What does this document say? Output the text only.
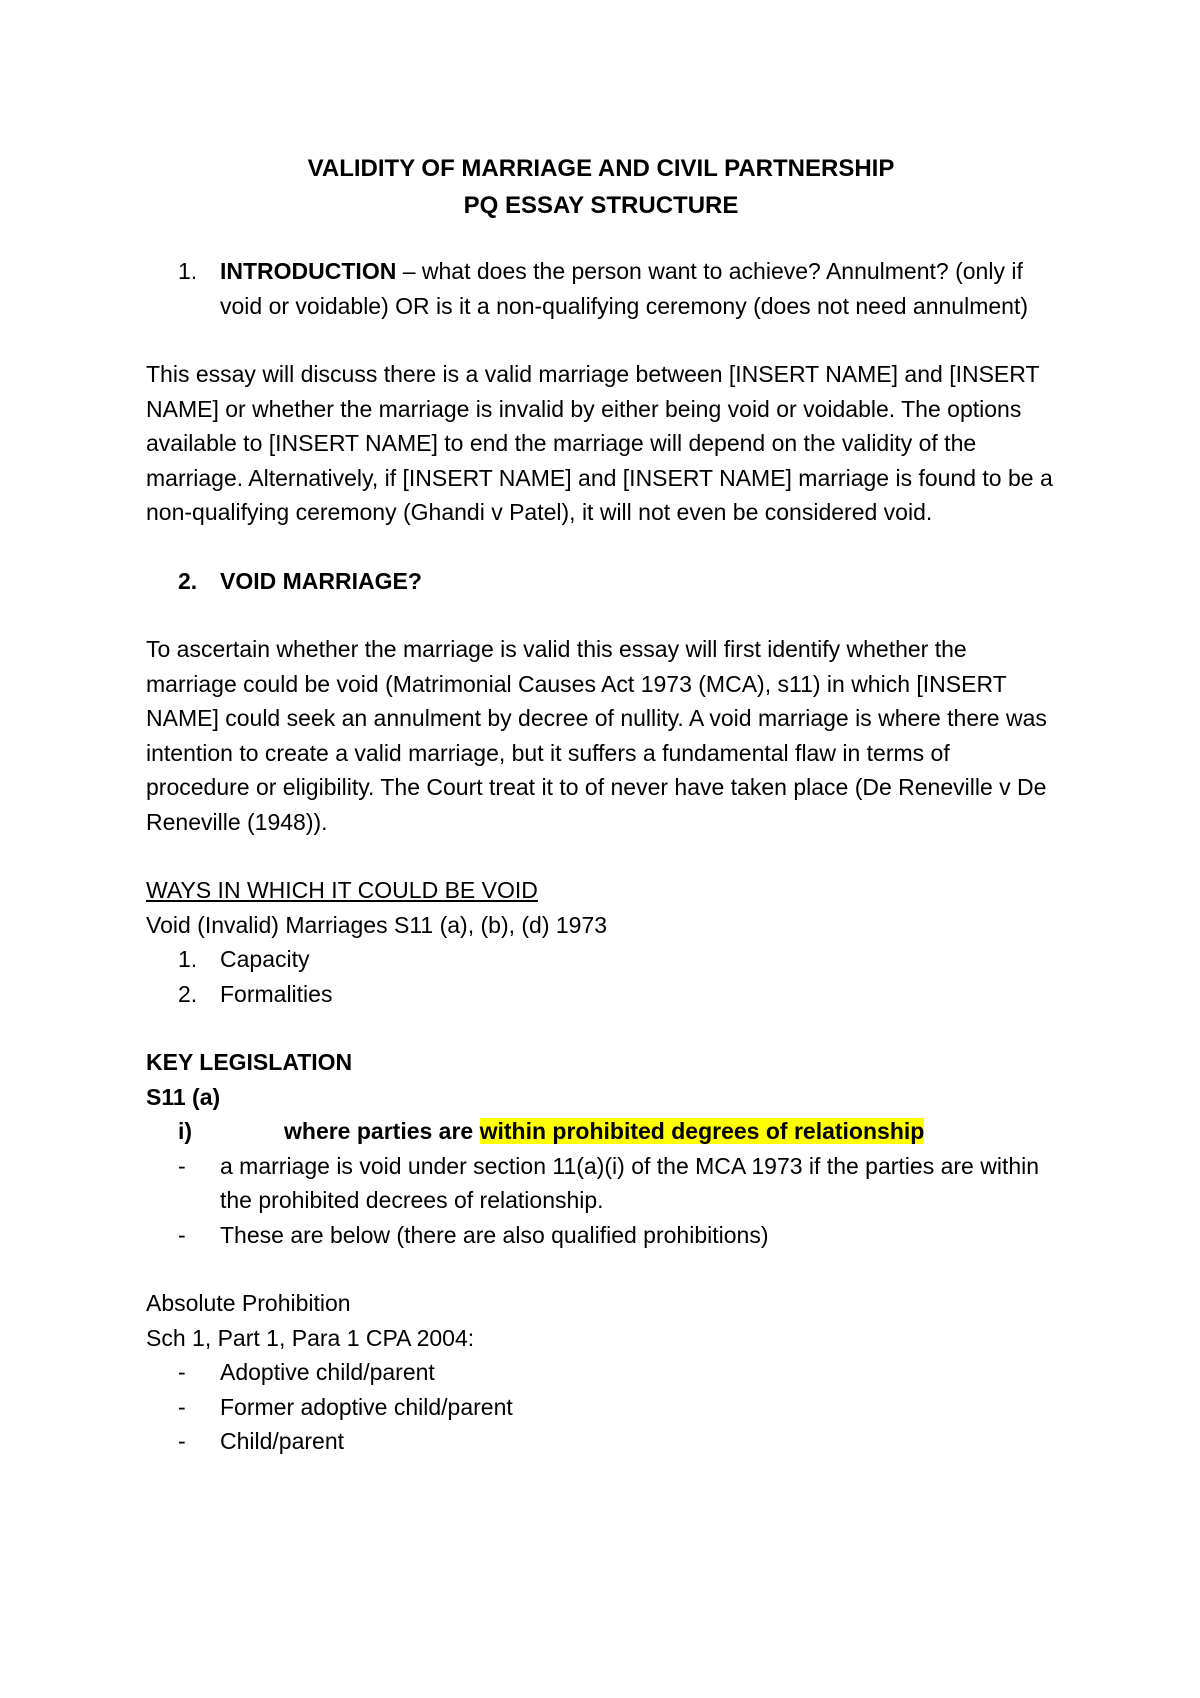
VALIDITY OF MARRIAGE AND CIVIL PARTNERSHIP
PQ ESSAY STRUCTURE
1. INTRODUCTION – what does the person want to achieve? Annulment? (only if void or voidable) OR is it a non-qualifying ceremony (does not need annulment)

This essay will discuss there is a valid marriage between [INSERT NAME] and [INSERT NAME] or whether the marriage is invalid by either being void or voidable. The options available to [INSERT NAME] to end the marriage will depend on the validity of the marriage. Alternatively, if [INSERT NAME] and [INSERT NAME] marriage is found to be a non-qualifying ceremony (Ghandi v Patel), it will not even be considered void.

2. VOID MARRIAGE?

To ascertain whether the marriage is valid this essay will first identify whether the marriage could be void (Matrimonial Causes Act 1973 (MCA), s11) in which [INSERT NAME] could seek an annulment by decree of nullity. A void marriage is where there was intention to create a valid marriage, but it suffers a fundamental flaw in terms of procedure or eligibility. The Court treat it to of never have taken place (De Reneville v De Reneville (1948)).

WAYS IN WHICH IT COULD BE VOID
Void (Invalid) Marriages S11 (a), (b), (d) 1973
1. Capacity
2. Formalities
KEY LEGISLATION
S11 (a)
i)	where parties are within prohibited degrees of relationship
-	a marriage is void under section 11(a)(i) of the MCA 1973 if the parties are within the prohibited decrees of relationship.
-	These are below (there are also qualified prohibitions)
Absolute Prohibition
Sch 1, Part 1, Para 1 CPA 2004:
-	Adoptive child/parent
-	Former adoptive child/parent
-	Child/parent
